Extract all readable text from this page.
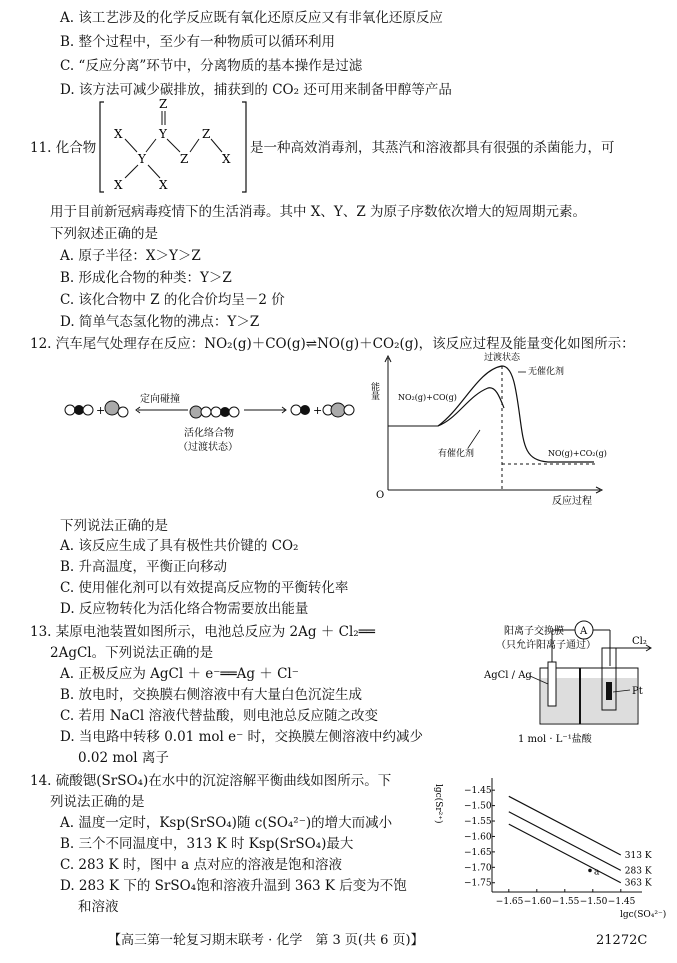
A. 该工艺涉及的化学反应既有氧化还原反应又有非氧化还原反应
B. 整个过程中，至少有一种物质可以循环利用
C. “反应分离”环节中，分离物质的基本操作是过滤
D. 该方法可减少碳排放，捕获到的 CO₂ 还可用来制备甲醇等产品
11. 化合物
Z
X	Y	Z
Y	Z	X
X	X
是一种高效消毒剂，其蒸汽和溶液都具有很强的杀菌能力，可
用于目前新冠病毒疫情下的生活消毒。其中 X、Y、Z 为原子序数依次增大的短周期元素。
下列叙述正确的是
A. 原子半径：X＞Y＞Z
B. 形成化合物的种类：Y＞Z
C. 该化合物中 Z 的化合价均呈－2 价
D. 简单气态氢化物的沸点：Y＞Z
12. 汽车尾气处理存在反应：NO₂(g)＋CO(g)⇌NO(g)＋CO₂(g)，该反应过程及能量变化如图所示：
+
定向碰撞
活化络合物
（过渡状态）
+
能量
O
反应过程
过渡状态
无催化剂
NO₂(g)+CO(g)
有催化剂	NO(g)+CO₂(g)
下列说法正确的是
A. 该反应生成了具有极性共价键的 CO₂
B. 升高温度，平衡正向移动
C. 使用催化剂可以有效提高反应物的平衡转化率
D. 反应物转化为活化络合物需要放出能量
13. 某原电池装置如图所示，电池总反应为 2Ag ＋ Cl₂══
2AgCl。下列说法正确的是
A. 正极反应为 AgCl ＋ e⁻══Ag ＋ Cl⁻
B. 放电时，交换膜右侧溶液中有大量白色沉淀生成
C. 若用 NaCl 溶液代替盐酸，则电池总反应随之改变
D. 当电路中转移 0.01 mol e⁻ 时，交换膜左侧溶液中约减少
0.02 mol 离子
阳离子交换膜
（只允许阳离子通过）
A
Cl₂
AgCl / Ag
Pt
1 mol · L⁻¹盐酸
14. 硫酸锶(SrSO₄)在水中的沉淀溶解平衡曲线如图所示。下
列说法正确的是
A. 温度一定时，Ksp(SrSO₄)随 c(SO₄²⁻)的增大而减小
B. 三个不同温度中，313 K 时 Ksp(SrSO₄)最大
C. 283 K 时，图中 a 点对应的溶液是饱和溶液
D. 283 K 下的 SrSO₄饱和溶液升温到 363 K 后变为不饱
和溶液
lgc(Sr²⁺)
lgc(SO₄²⁻)
−1.45
−1.50
−1.55
−1.60
−1.65
−1.70
−1.75
−1.65 −1.60 −1.55 −1.50 −1.45
313 K
283 K
363 K
a
【高三第一轮复习期末联考 · 化学　第 3 页(共 6 页)】	21272C
